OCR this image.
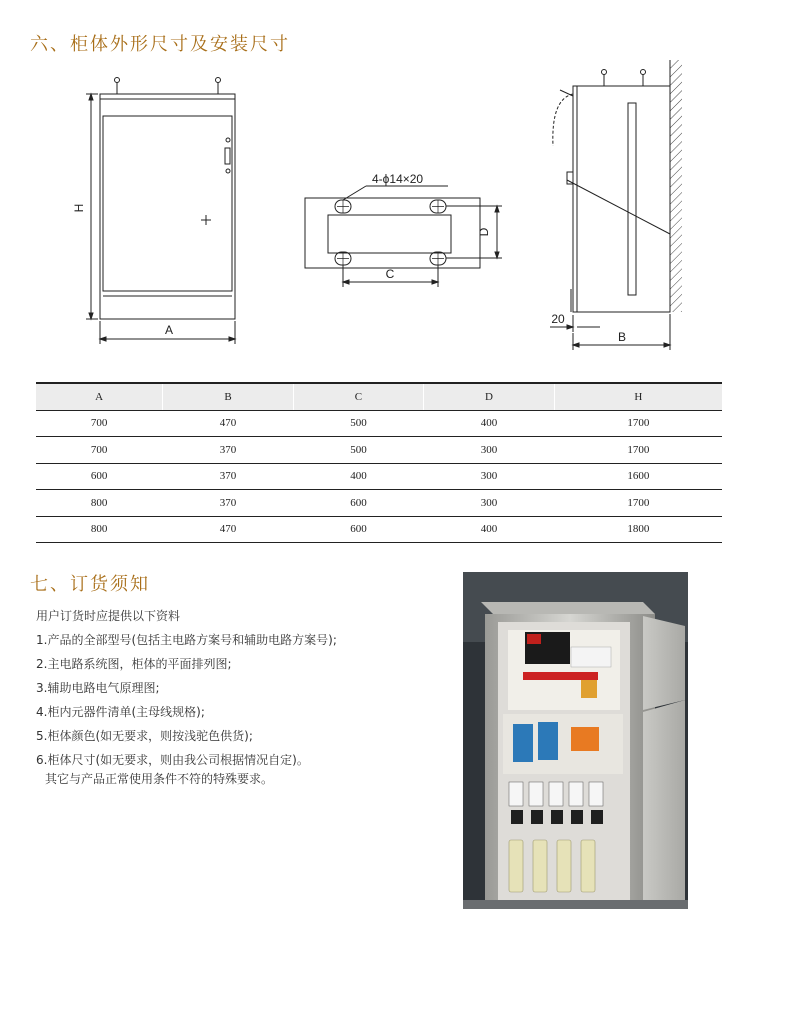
六、柜体外形尺寸及安装尺寸
H
A
4-ϕ14×20
D
C
20
B
A	B	C	D	H
700	470	500	400	1700
700	370	500	300	1700
600	370	400	300	1600
800	370	600	300	1700
800	470	600	400	1800
七、订货须知

用户订货时应提供以下资料

1.产品的全部型号(包括主电路方案号和辅助电路方案号);

2.主电路系统图，柜体的平面排列图;

3.辅助电路电气原理图;

4.柜内元器件清单(主母线规格);

5.柜体颜色(如无要求，则按浅驼色供货);

6.柜体尺寸(如无要求，则由我公司根据情况自定)。

其它与产品正常使用条件不符的特殊要求。
